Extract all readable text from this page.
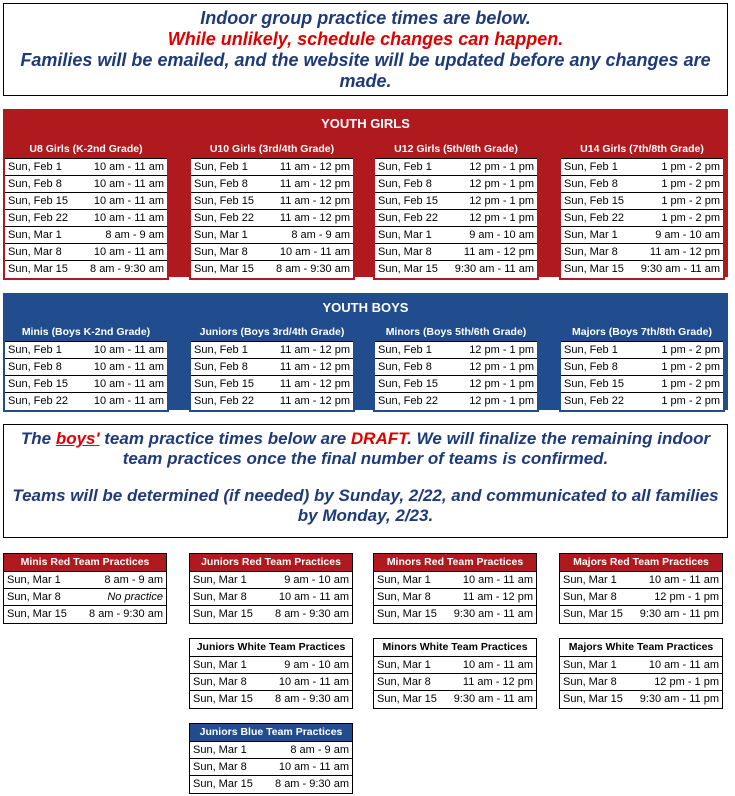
Indoor group practice times are below.
While unlikely, schedule changes can happen.
Families will be emailed, and the website will be updated before any changes are made.
YOUTH GIRLS
U8 Girls (K-2nd Grade)
Sun, Feb 1	10 am - 11 am
Sun, Feb 8	10 am - 11 am
Sun, Feb 15 10 am - 11 am
Sun, Feb 22 10 am - 11 am
Sun, Mar 1	8 am - 9 am
Sun, Mar 8	10 am - 11 am
Sun, Mar 15 8 am - 9:30 am
U10 Girls (3rd/4th Grade)
Sun, Feb 1	11 am - 12 pm
Sun, Feb 8	11 am - 12 pm
Sun, Feb 15 11 am - 12 pm
Sun, Feb 22 11 am - 12 pm
Sun, Mar 1	8 am - 9 am
Sun, Mar 8	10 am - 11 am
Sun, Mar 15 8 am - 9:30 am
U12 Girls (5th/6th Grade)
Sun, Feb 1	12 pm - 1 pm
Sun, Feb 8	12 pm - 1 pm
Sun, Feb 15	12 pm - 1 pm
Sun, Feb 22	12 pm - 1 pm
Sun, Mar 1	9 am - 10 am
Sun, Mar 8	11 am - 12 pm
Sun, Mar 15 9:30 am - 11 am
U14 Girls (7th/8th Grade)
Sun, Feb 1	1 pm - 2 pm
Sun, Feb 8	1 pm - 2 pm
Sun, Feb 15	1 pm - 2 pm
Sun, Feb 22	1 pm - 2 pm
Sun, Mar 1	9 am - 10 am
Sun, Mar 8	11 am - 12 pm
Sun, Mar 15 9:30 am - 11 am
YOUTH BOYS
Minis (Boys K-2nd Grade)
Sun, Feb 1	10 am - 11 am
Sun, Feb 8	10 am - 11 am
Sun, Feb 15 10 am - 11 am
Sun, Feb 22 10 am - 11 am
Juniors (Boys 3rd/4th Grade)
Sun, Feb 1	11 am - 12 pm
Sun, Feb 8	11 am - 12 pm
Sun, Feb 15 11 am - 12 pm
Sun, Feb 22 11 am - 12 pm
Minors (Boys 5th/6th Grade)
Sun, Feb 1	12 pm - 1 pm
Sun, Feb 8	12 pm - 1 pm
Sun, Feb 15	12 pm - 1 pm
Sun, Feb 22	12 pm - 1 pm
Majors (Boys 7th/8th Grade)
Sun, Feb 1	1 pm - 2 pm
Sun, Feb 8	1 pm - 2 pm
Sun, Feb 15	1 pm - 2 pm
Sun, Feb 22	1 pm - 2 pm
The boys' team practice times below are DRAFT. We will finalize the remaining indoor team practices once the final number of teams is confirmed.
Teams will be determined (if needed) by Sunday, 2/22, and communicated to all families by Monday, 2/23.
Minis Red Team Practices
Sun, Mar 1	8 am - 9 am
Sun, Mar 8	No practice
Sun, Mar 15 8 am - 9:30 am
Juniors Red Team Practices
Sun, Mar 1	9 am - 10 am
Sun, Mar 8	10 am - 11 am
Sun, Mar 15 8 am - 9:30 am
Minors Red Team Practices
Sun, Mar 1	10 am - 11 am
Sun, Mar 8	11 am - 12 pm
Sun, Mar 15 9:30 am - 11 am
Majors Red Team Practices
Sun, Mar 1	10 am - 11 am
Sun, Mar 8	12 pm - 1 pm
Sun, Mar 15 9:30 am - 11 pm
Juniors White Team Practices
Sun, Mar 1	9 am - 10 am
Sun, Mar 8	10 am - 11 am
Sun, Mar 15 8 am - 9:30 am
Minors White Team Practices
Sun, Mar 1	10 am - 11 am
Sun, Mar 8	11 am - 12 pm
Sun, Mar 15 9:30 am - 11 am
Majors White Team Practices
Sun, Mar 1	10 am - 11 am
Sun, Mar 8	12 pm - 1 pm
Sun, Mar 15 9:30 am - 11 pm
Juniors Blue Team Practices
Sun, Mar 1	8 am - 9 am
Sun, Mar 8	10 am - 11 am
Sun, Mar 15 8 am - 9:30 am
